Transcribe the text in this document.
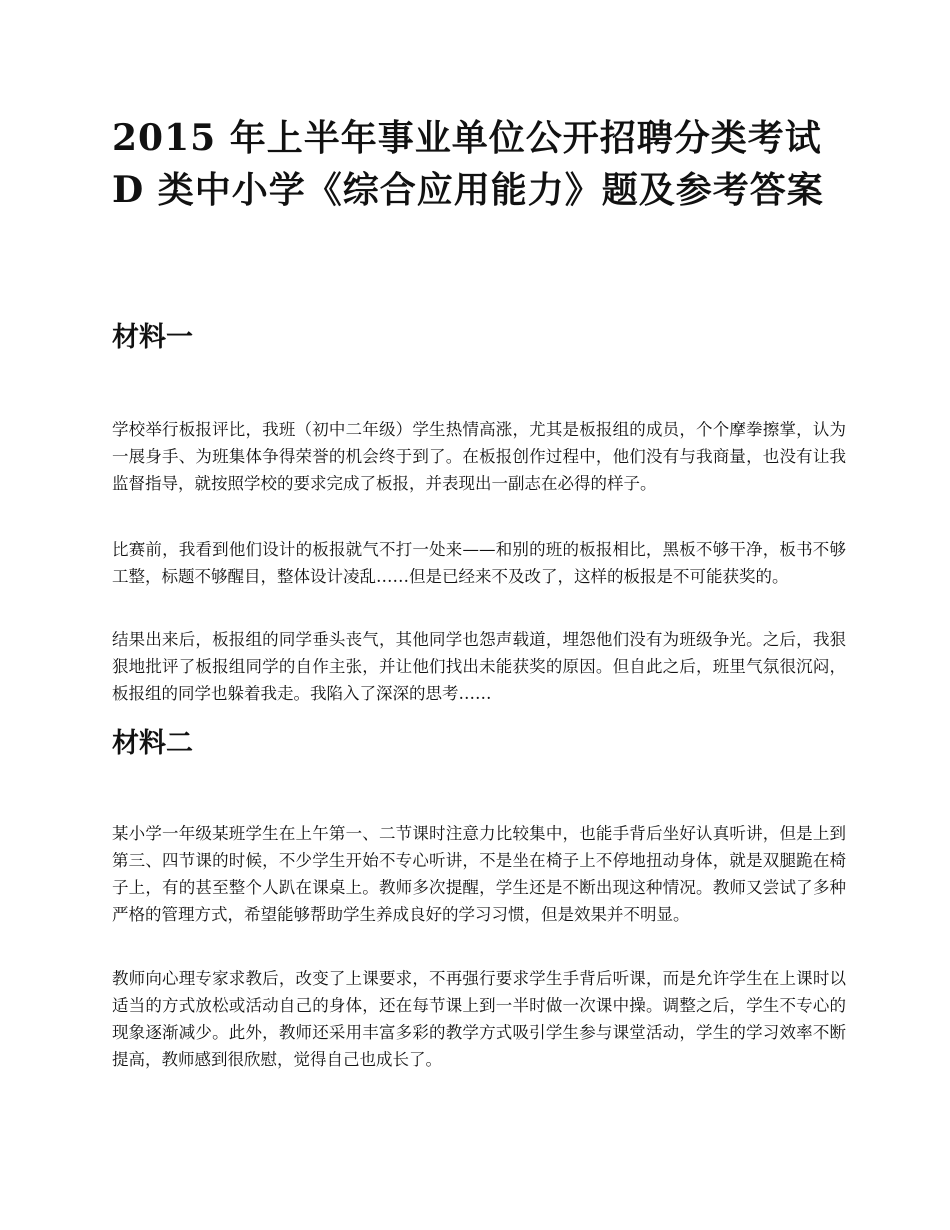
2015 年上半年事业单位公开招聘分类考试 D 类中小学《综合应用能力》题及参考答案
材料一

学校举行板报评比，我班（初中二年级）学生热情高涨，尤其是板报组的成员，个个摩拳擦掌，认为一展身手、为班集体争得荣誉的机会终于到了。在板报创作过程中，他们没有与我商量，也没有让我监督指导，就按照学校的要求完成了板报，并表现出一副志在必得的样子。

比赛前，我看到他们设计的板报就气不打一处来——和别的班的板报相比，黑板不够干净，板书不够工整，标题不够醒目，整体设计凌乱……但是已经来不及改了，这样的板报是不可能获奖的。

结果出来后，板报组的同学垂头丧气，其他同学也怨声载道，埋怨他们没有为班级争光。之后，我狠狠地批评了板报组同学的自作主张，并让他们找出未能获奖的原因。但自此之后，班里气氛很沉闷，板报组的同学也躲着我走。我陷入了深深的思考……

材料二

某小学一年级某班学生在上午第一、二节课时注意力比较集中，也能手背后坐好认真听讲，但是上到第三、四节课的时候，不少学生开始不专心听讲，不是坐在椅子上不停地扭动身体，就是双腿跪在椅子上，有的甚至整个人趴在课桌上。教师多次提醒，学生还是不断出现这种情况。教师又尝试了多种严格的管理方式，希望能够帮助学生养成良好的学习习惯，但是效果并不明显。

教师向心理专家求教后，改变了上课要求，不再强行要求学生手背后听课，而是允许学生在上课时以适当的方式放松或活动自己的身体，还在每节课上到一半时做一次课中操。调整之后，学生不专心的现象逐渐减少。此外，教师还采用丰富多彩的教学方式吸引学生参与课堂活动，学生的学习效率不断提高，教师感到很欣慰，觉得自己也成长了。
